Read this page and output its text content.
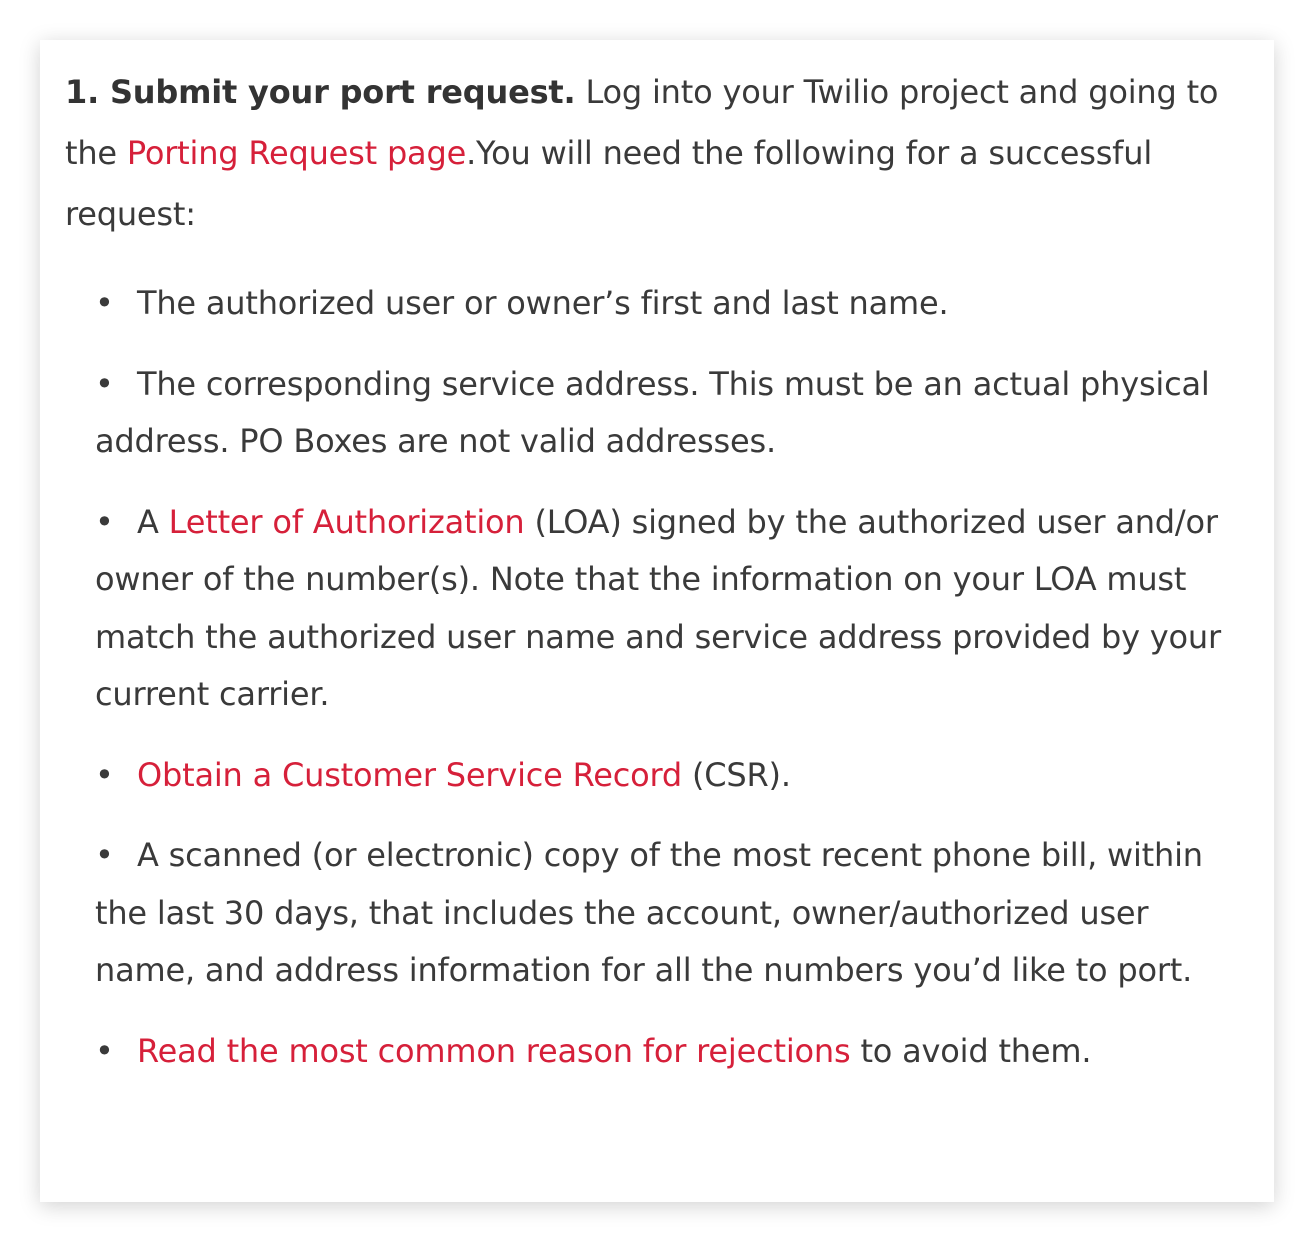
1. Submit your port request. Log into your Twilio project and going to the Porting Request page.You will need the following for a successful request:

• The authorized user or owner’s first and last name.
• The corresponding service address. This must be an actual physical address. PO Boxes are not valid addresses.
• A Letter of Authorization (LOA) signed by the authorized user and/or owner of the number(s). Note that the information on your LOA must match the authorized user name and service address provided by your current carrier.
• Obtain a Customer Service Record (CSR).
• A scanned (or electronic) copy of the most recent phone bill, within the last 30 days, that includes the account, owner/authorized user name, and address information for all the numbers you’d like to port.
• Read the most common reason for rejections to avoid them.
